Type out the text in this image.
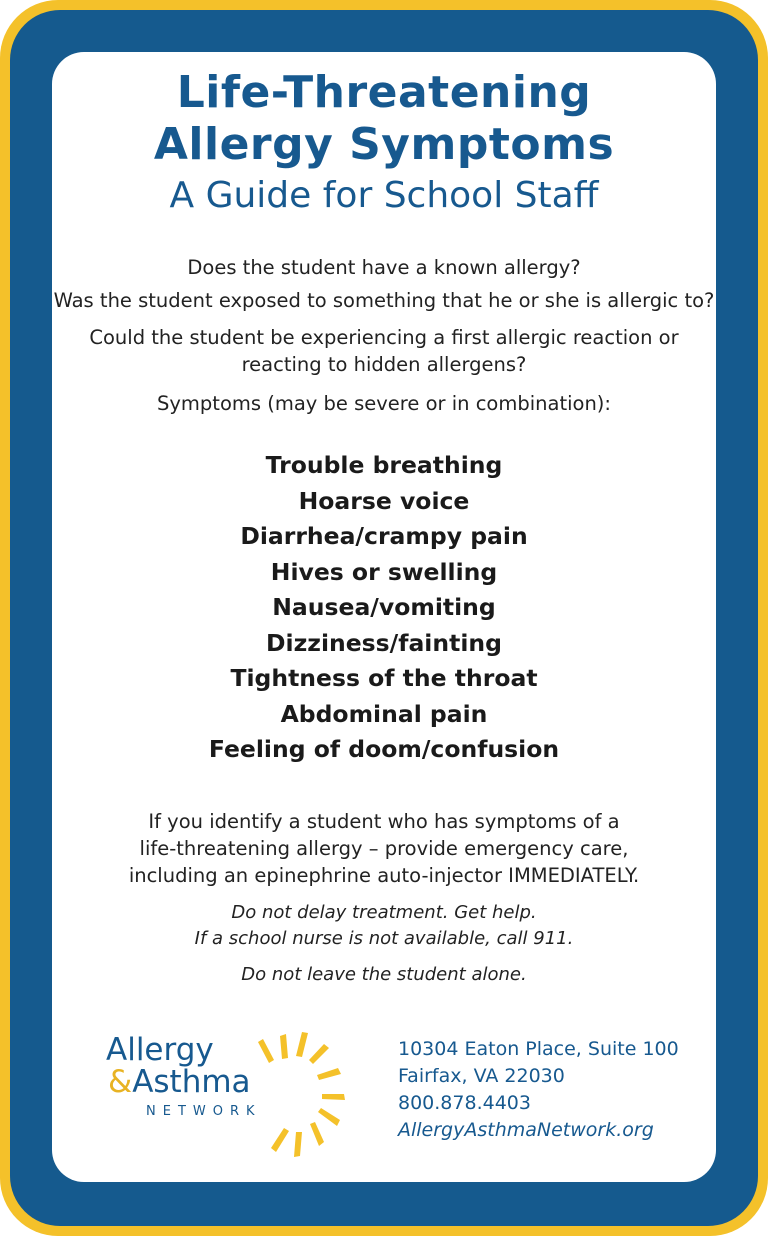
Life-Threatening
Allergy Symptoms
A Guide for School Staff
Does the student have a known allergy?
Was the student exposed to something that he or she is allergic to?
Could the student be experiencing a first allergic reaction or
reacting to hidden allergens?
Symptoms (may be severe or in combination):
Trouble breathing
Hoarse voice
Diarrhea/crampy pain
Hives or swelling
Nausea/vomiting
Dizziness/fainting
Tightness of the throat
Abdominal pain
Feeling of doom/confusion
If you identify a student who has symptoms of a
life-threatening allergy – provide emergency care,
including an epinephrine auto-injector IMMEDIATELY.
Do not delay treatment. Get help.
If a school nurse is not available, call 911.
Do not leave the student alone.
Allergy
&Asthma
NETWORK
10304 Eaton Place, Suite 100
Fairfax, VA 22030
800.878.4403
AllergyAsthmaNetwork.org
